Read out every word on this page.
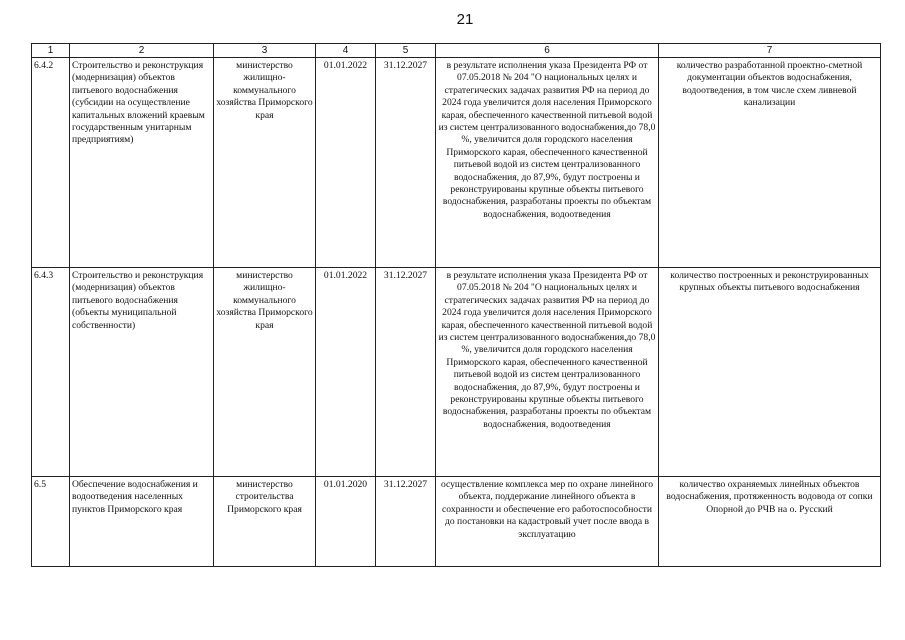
21
1	2	3	4	5	6	7
6.4.2	Строительство и реконструкция (модернизация) объектов питьевого водоснабжения (субсидии на осуществление капитальных вложений краевым государственным унитарным предприятиям)	министерство жилищно-коммунального хозяйства Приморского края	01.01.2022	31.12.2027	в результате исполнения указа Президента РФ от 07.05.2018 № 204 "О национальных целях и стратегических задачах развития РФ на период до 2024 года увеличится доля населения Приморского карая, обеспеченного качественной питьевой водой из систем централизованного водоснабжения,до 78,0 %, увеличится доля городского населения Приморского карая, обеспеченного качественной питьевой водой из систем централизованного водоснабжения, до 87,9%, будут построены и реконструированы крупные объекты питьевого водоснабжения, разработаны проекты по объектам водоснабжения, водоотведения	количество разработанной проектно-сметной документации объектов водоснабжения, водоотведения, в том числе схем ливневой канализации
6.4.3	Строительство и реконструкция (модернизация) объектов питьевого водоснабжения (объекты муниципальной собственности)	министерство жилищно-коммунального хозяйства Приморского края	01.01.2022	31.12.2027	в результате исполнения указа Президента РФ от 07.05.2018 № 204 "О национальных целях и стратегических задачах развития РФ на период до 2024 года увеличится доля населения Приморского карая, обеспеченного качественной питьевой водой из систем централизованного водоснабжения,до 78,0 %, увеличится доля городского населения Приморского карая, обеспеченного качественной питьевой водой из систем централизованного водоснабжения, до 87,9%, будут построены и реконструированы крупные объекты питьевого водоснабжения, разработаны проекты по объектам водоснабжения, водоотведения	количество построенных и реконструированных крупных объекты питьевого водоснабжения
6.5	Обеспечение водоснабжения и водоотведения населенных пунктов Приморского края	министерство строительства Приморского края	01.01.2020	31.12.2027	осуществление комплекса мер по охране линейного объекта, поддержание линейного объекта в сохранности и обеспечение его работоспособности до постановки на кадастровый учет после ввода в эксплуатацию	количество охраняемых линейных объектов водоснабжения, протяженность водовода от сопки Опорной до РЧВ на о. Русский
